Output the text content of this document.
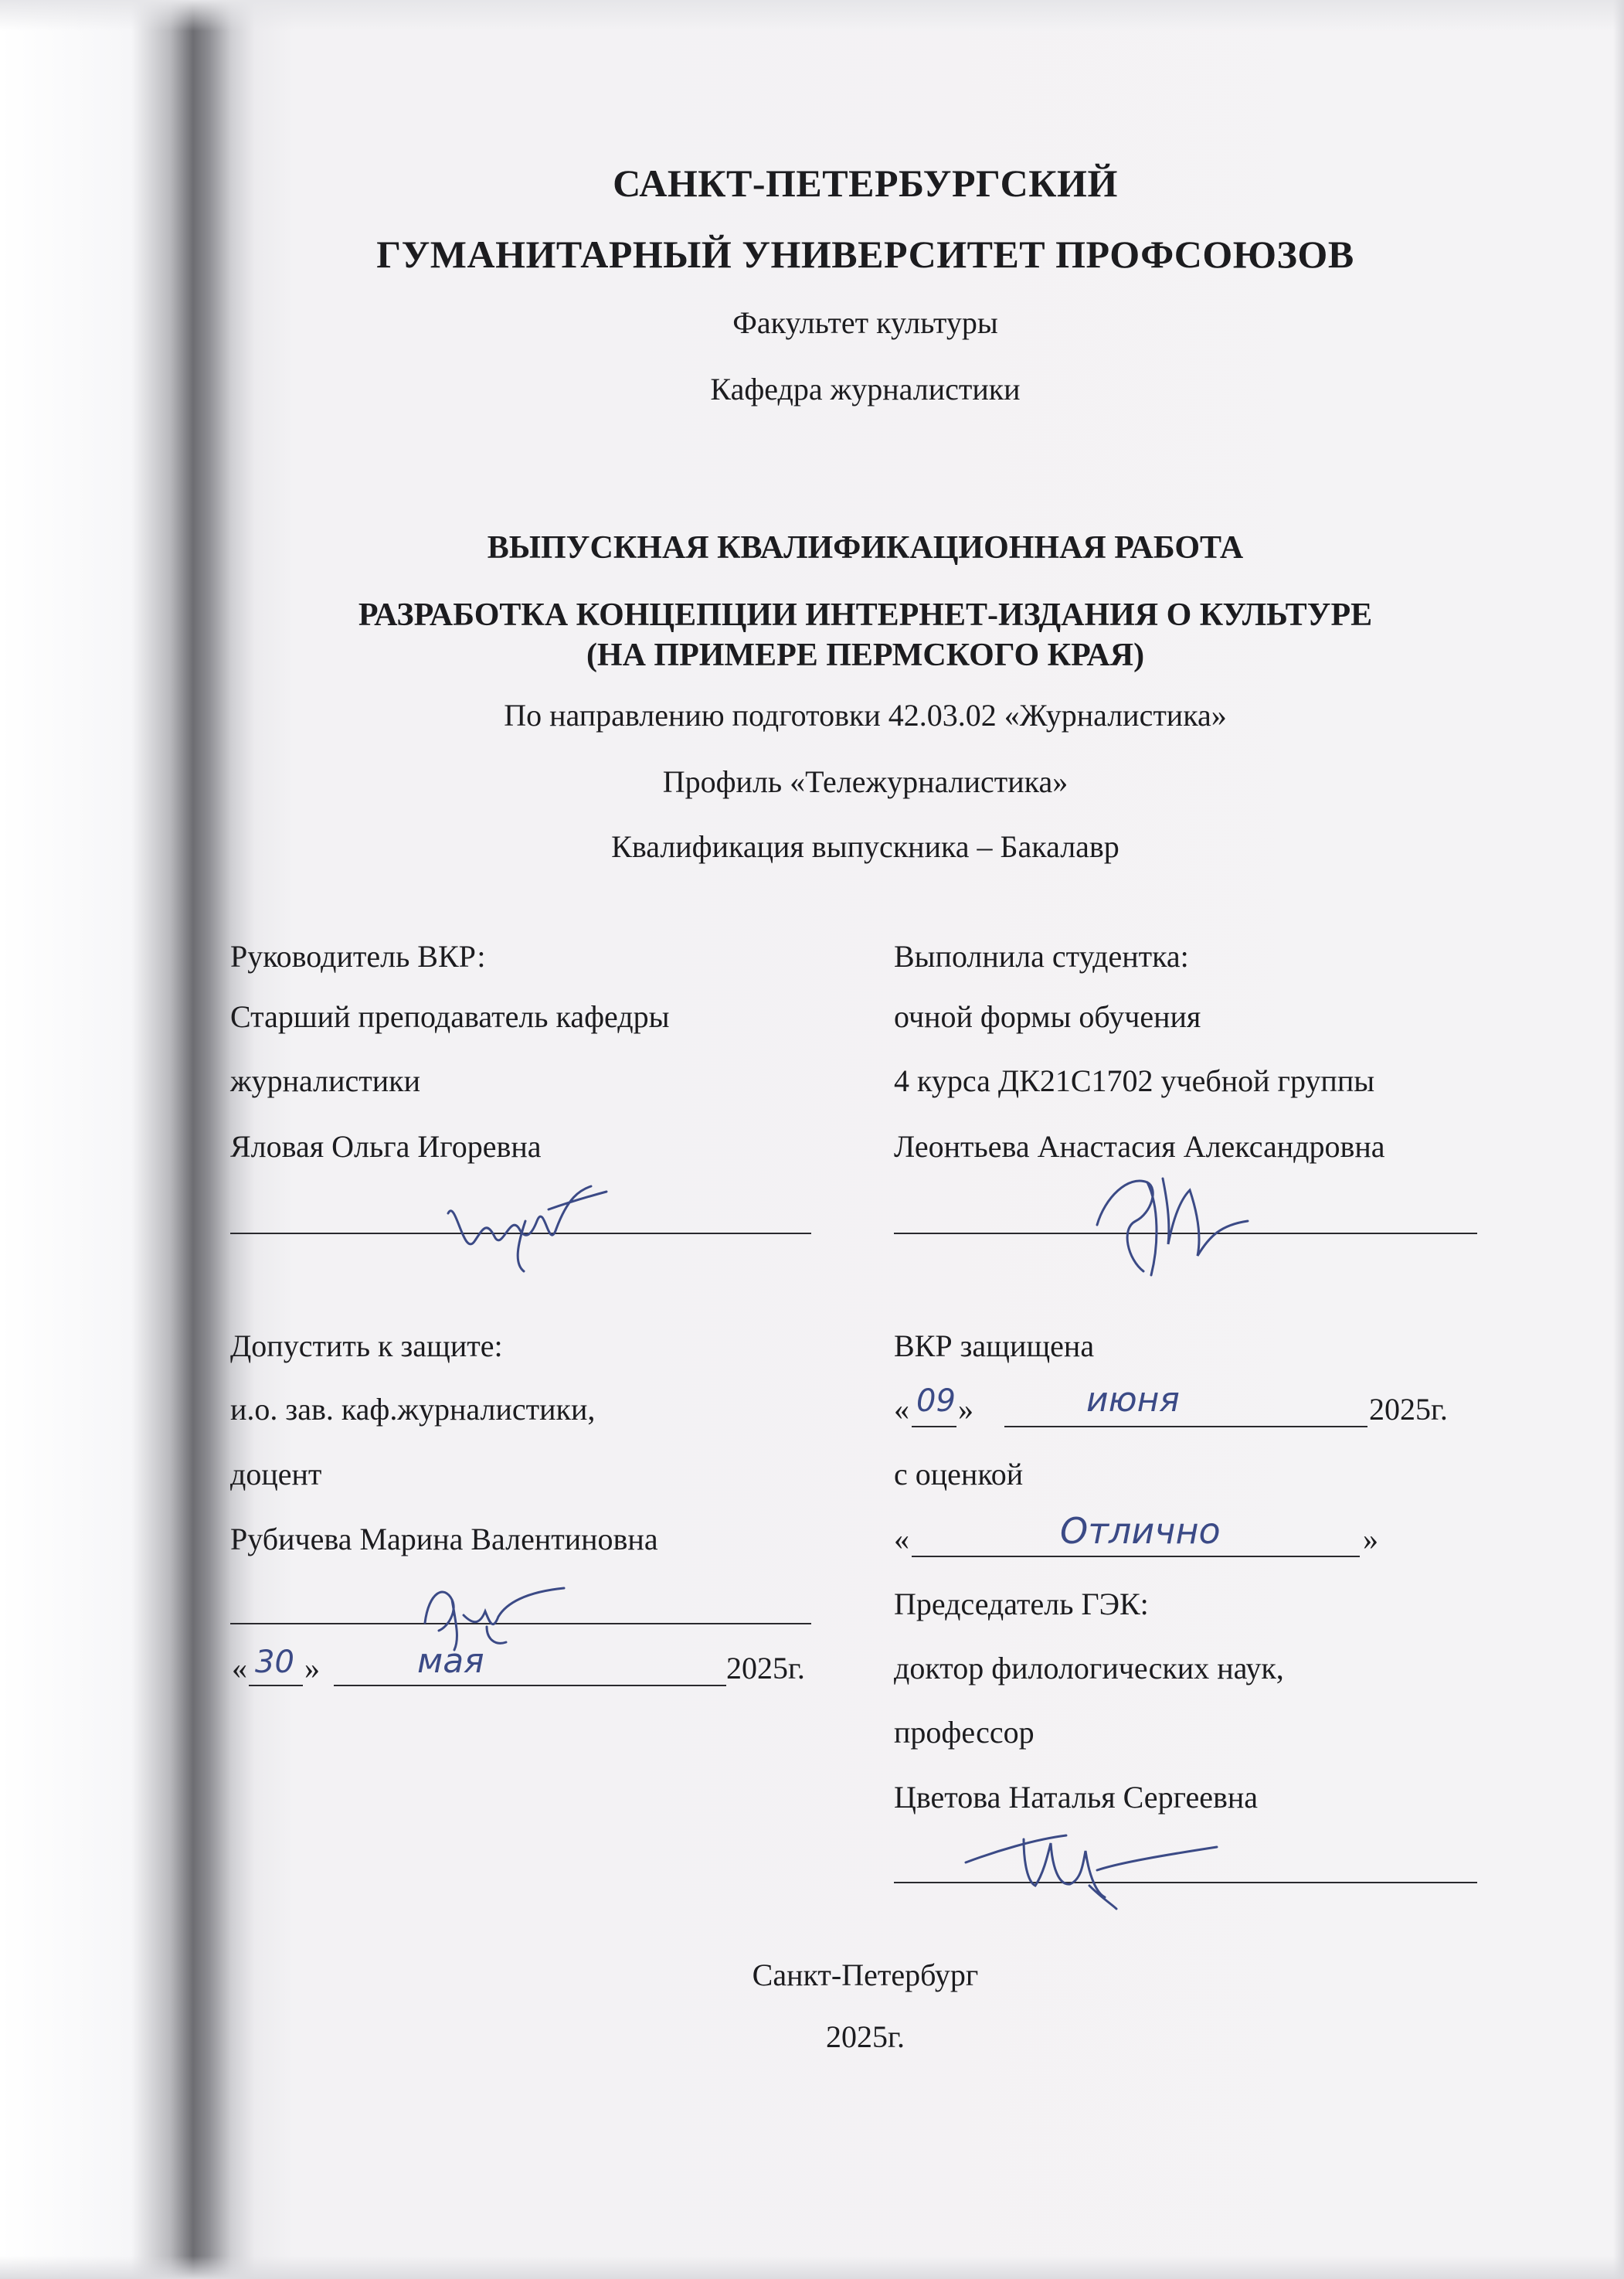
САНКТ-ПЕТЕРБУРГСКИЙ
ГУМАНИТАРНЫЙ УНИВЕРСИТЕТ ПРОФСОЮЗОВ
Факультет культуры
Кафедра журналистики
ВЫПУСКНАЯ КВАЛИФИКАЦИОННАЯ РАБОТА
РАЗРАБОТКА КОНЦЕПЦИИ ИНТЕРНЕТ-ИЗДАНИЯ О КУЛЬТУРЕ
(НА ПРИМЕРЕ ПЕРМСКОГО КРАЯ)
По направлению подготовки 42.03.02 «Журналистика»
Профиль «Тележурналистика»
Квалификация выпускника – Бакалавр
Руководитель ВКР:
Старший преподаватель кафедры
журналистики
Яловая Ольга Игоревна
Выполнила студентка:
очной формы обучения
4 курса ДК21С1702 учебной группы
Леонтьева Анастасия Александровна
Допустить к защите:
и.о. зав. каф.журналистики,
доцент
Рубичева Марина Валентиновна
« 30 »	мая	2025г.
ВКР защищена
« 09 »	июня	2025г.
с оценкой
«	Отлично	»
Председатель ГЭК:
доктор филологических наук,
профессор
Цветова Наталья Сергеевна
Санкт-Петербург
2025г.
